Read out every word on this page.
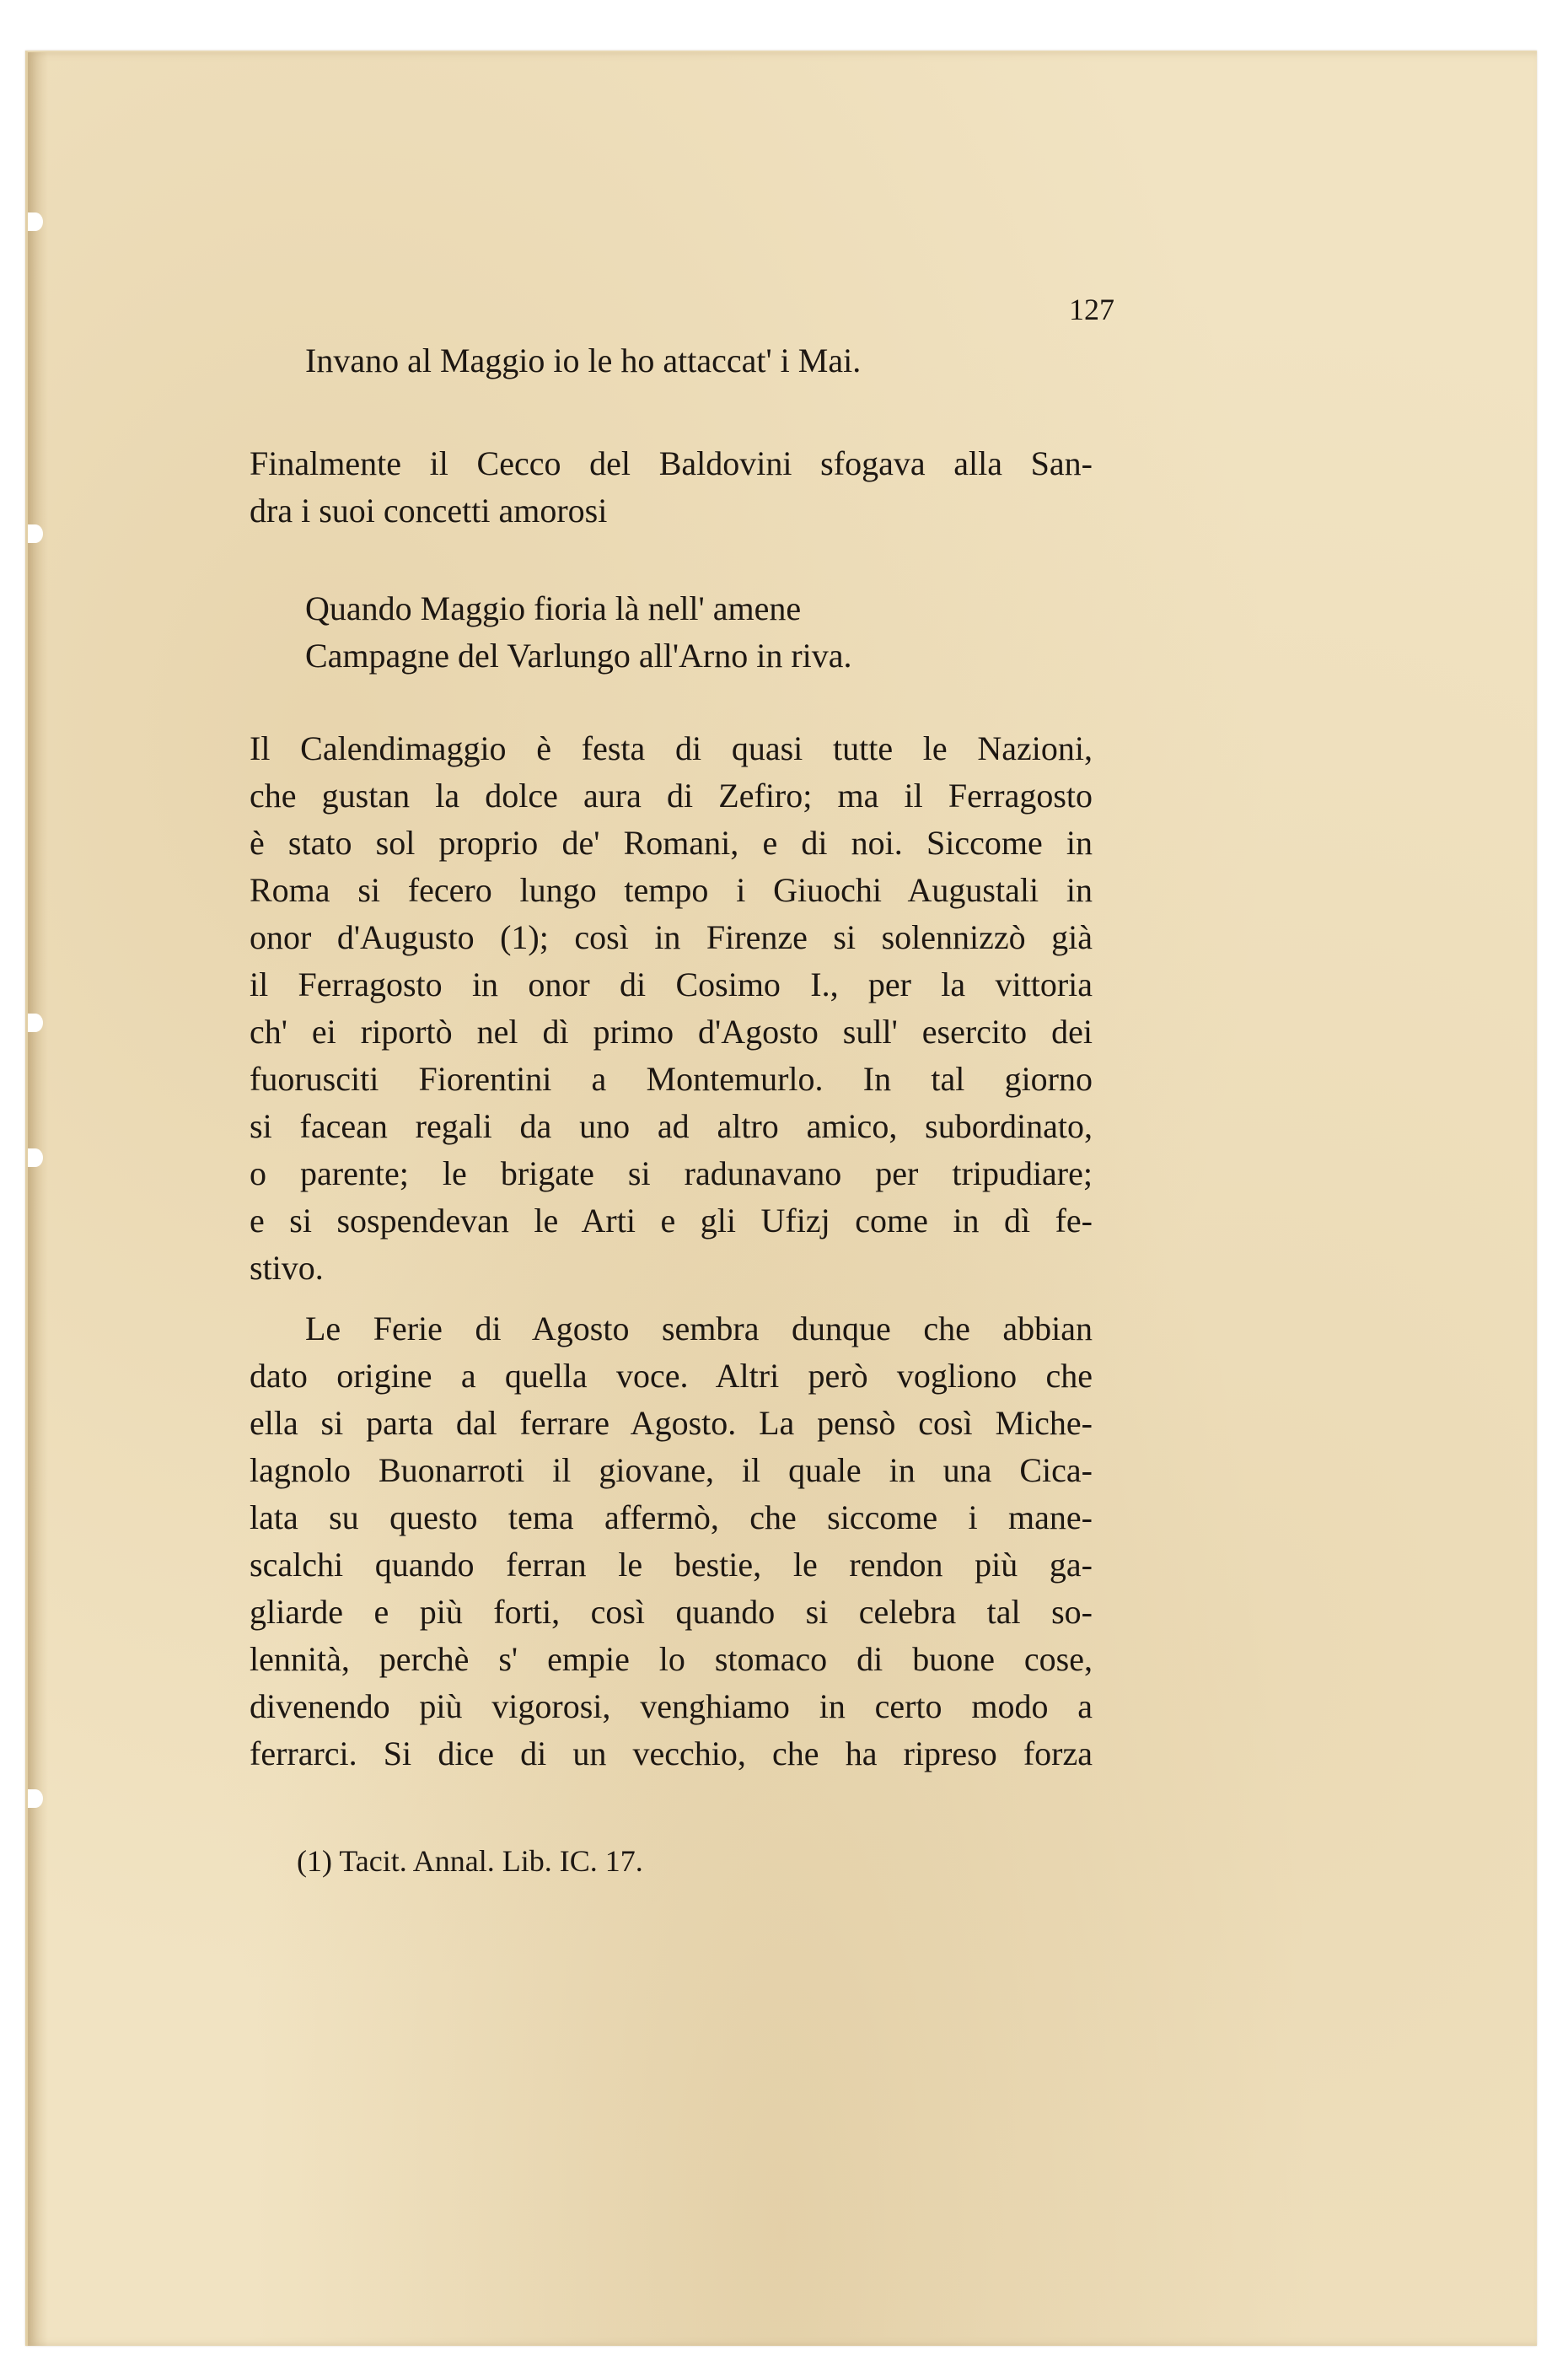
127
Invano al Maggio io le ho attaccat' i Mai.
Finalmente il Cecco del Baldovini sfogava alla San-
dra i suoi concetti amorosi
Quando Maggio fioria là nell' amene
Campagne del Varlungo all'Arno in riva.
Il Calendimaggio è festa di quasi tutte le Nazioni,
che gustan la dolce aura di Zefiro; ma il Ferragosto
è stato sol proprio de' Romani, e di noi. Siccome in
Roma si fecero lungo tempo i Giuochi Augustali in
onor d'Augusto (1); così in Firenze si solennizzò già
il Ferragosto in onor di Cosimo I., per la vittoria
ch' ei riportò nel dì primo d'Agosto sull' esercito dei
fuorusciti Fiorentini a Montemurlo. In tal giorno
si facean regali da uno ad altro amico, subordinato,
o parente; le brigate si radunavano per tripudiare;
e si sospendevan le Arti e gli Ufizj come in dì fe-
stivo.
Le Ferie di Agosto sembra dunque che abbian
dato origine a quella voce. Altri però vogliono che
ella si parta dal ferrare Agosto. La pensò così Miche-
lagnolo Buonarroti il giovane, il quale in una Cica-
lata su questo tema affermò, che siccome i mane-
scalchi quando ferran le bestie, le rendon più ga-
gliarde e più forti, così quando si celebra tal so-
lennità, perchè s' empie lo stomaco di buone cose,
divenendo più vigorosi, venghiamo in certo modo a
ferrarci. Si dice di un vecchio, che ha ripreso forza
(1) Tacit. Annal. Lib. IC. 17.
